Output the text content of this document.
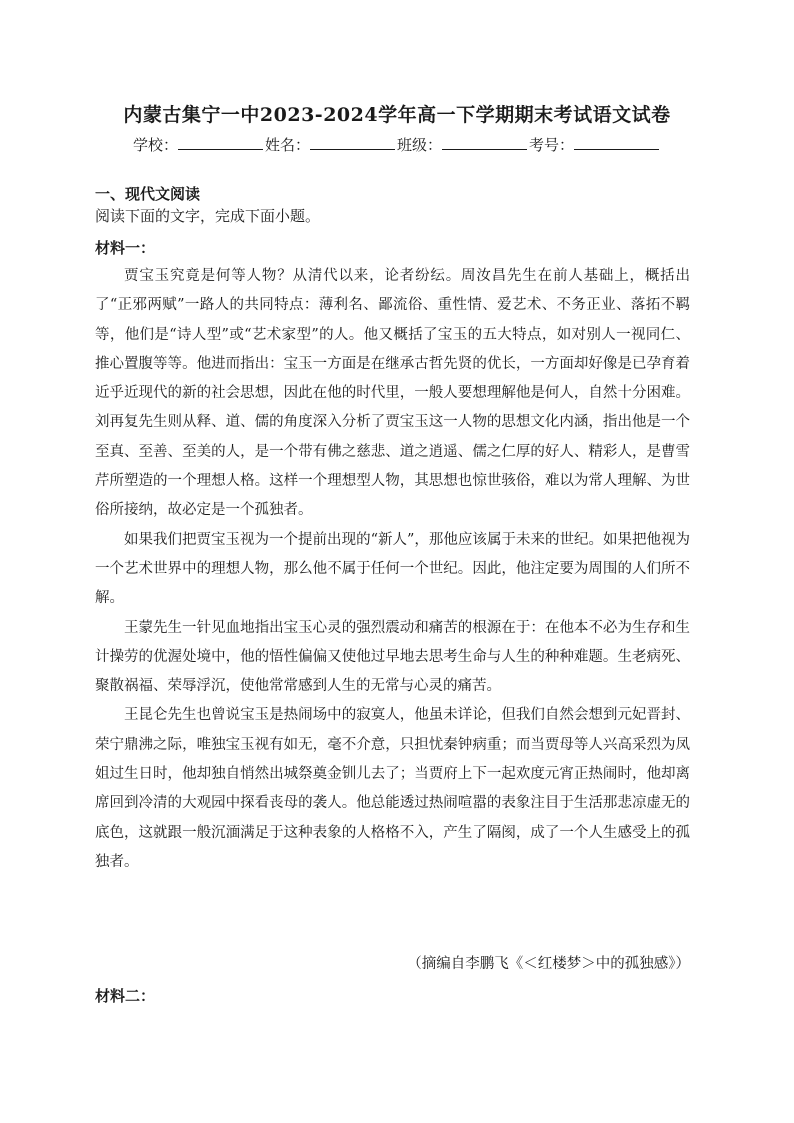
内蒙古集宁一中2023-2024学年高一下学期期末考试语文试卷
学校：	姓名：	班级：	考号：
一、现代文阅读
阅读下面的文字，完成下面小题。
材料一：

贾宝玉究竟是何等人物？从清代以来，论者纷纭。周汝昌先生在前人基础上，概括出了“正邪两赋”一路人的共同特点：薄利名、鄙流俗、重性情、爱艺术、不务正业、落拓不羁等，他们是“诗人型”或“艺术家型”的人。他又概括了宝玉的五大特点，如对别人一视同仁、推心置腹等等。他进而指出：宝玉一方面是在继承古哲先贤的优长，一方面却好像是已孕育着近乎近现代的新的社会思想，因此在他的时代里，一般人要想理解他是何人，自然十分困难。刘再复先生则从释、道、儒的角度深入分析了贾宝玉这一人物的思想文化内涵，指出他是一个至真、至善、至美的人，是一个带有佛之慈悲、道之逍遥、儒之仁厚的好人、精彩人，是曹雪芹所塑造的一个理想人格。这样一个理想型人物，其思想也惊世骇俗，难以为常人理解、为世俗所接纳，故必定是一个孤独者。

如果我们把贾宝玉视为一个提前出现的“新人”，那他应该属于未来的世纪。如果把他视为一个艺术世界中的理想人物，那么他不属于任何一个世纪。因此，他注定要为周围的人们所不解。

王蒙先生一针见血地指出宝玉心灵的强烈震动和痛苦的根源在于：在他本不必为生存和生计操劳的优渥处境中，他的悟性偏偏又使他过早地去思考生命与人生的种种难题。生老病死、聚散祸福、荣辱浮沉，使他常常感到人生的无常与心灵的痛苦。

王昆仑先生也曾说宝玉是热闹场中的寂寞人，他虽未详论，但我们自然会想到元妃晋封、荣宁鼎沸之际，唯独宝玉视有如无，毫不介意，只担忧秦钟病重；而当贾母等人兴高采烈为凤姐过生日时，他却独自悄然出城祭奠金钏儿去了；当贾府上下一起欢度元宵正热闹时，他却离席回到冷清的大观园中探看丧母的袭人。他总能透过热闹喧嚣的表象注目于生活那悲凉虚无的底色，这就跟一般沉湎满足于这种表象的人格格不入，产生了隔阂，成了一个人生感受上的孤独者。

（摘编自李鹏飞《＜红楼梦＞中的孤独感》）
材料二：
